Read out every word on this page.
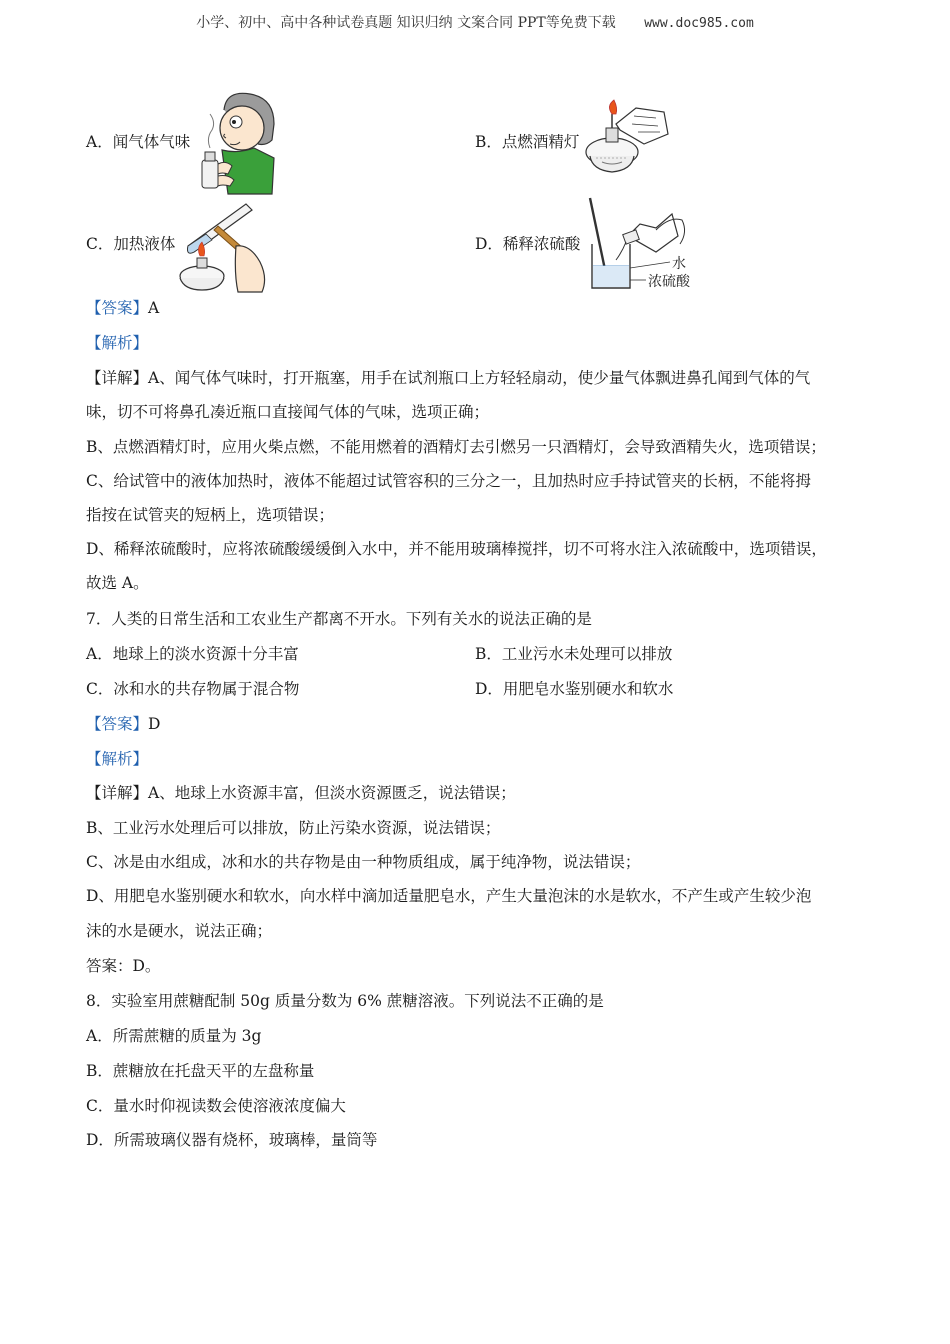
小学、初中、高中各种试卷真题 知识归纳 文案合同 PPT等免费下载 www.doc985.com
A．闻气体气味	B．点燃酒精灯
C．加热液体	D．稀释浓硫酸
水
浓硫酸
【答案】A
【解析】
【详解】A、闻气体气味时，打开瓶塞，用手在试剂瓶口上方轻轻扇动，使少量气体飘进鼻孔闻到气体的气
味，切不可将鼻孔凑近瓶口直接闻气体的气味，选项正确；
B、点燃酒精灯时，应用火柴点燃，不能用燃着的酒精灯去引燃另一只酒精灯，会导致酒精失火，选项错误；
C、给试管中的液体加热时，液体不能超过试管容积的三分之一，且加热时应手持试管夹的长柄，不能将拇
指按在试管夹的短柄上，选项错误；
D、稀释浓硫酸时，应将浓硫酸缓缓倒入水中，并不能用玻璃棒搅拌，切不可将水注入浓硫酸中，选项错误，
故选 A。
7．人类的日常生活和工农业生产都离不开水。下列有关水的说法正确的是
A．地球上的淡水资源十分丰富	B．工业污水未处理可以排放
C．冰和水的共存物属于混合物	D．用肥皂水鉴别硬水和软水
【答案】D
【解析】
【详解】A、地球上水资源丰富，但淡水资源匮乏，说法错误；
B、工业污水处理后可以排放，防止污染水资源，说法错误；
C、冰是由水组成，冰和水的共存物是由一种物质组成，属于纯净物，说法错误；
D、用肥皂水鉴别硬水和软水，向水样中滴加适量肥皂水，产生大量泡沫的水是软水，不产生或产生较少泡
沫的水是硬水，说法正确；
答案：D。
8．实验室用蔗糖配制 50g 质量分数为 6% 蔗糖溶液。下列说法不正确的是
A．所需蔗糖的质量为 3g
B．蔗糖放在托盘天平的左盘称量
C．量水时仰视读数会使溶液浓度偏大
D．所需玻璃仪器有烧杯，玻璃棒，量筒等
